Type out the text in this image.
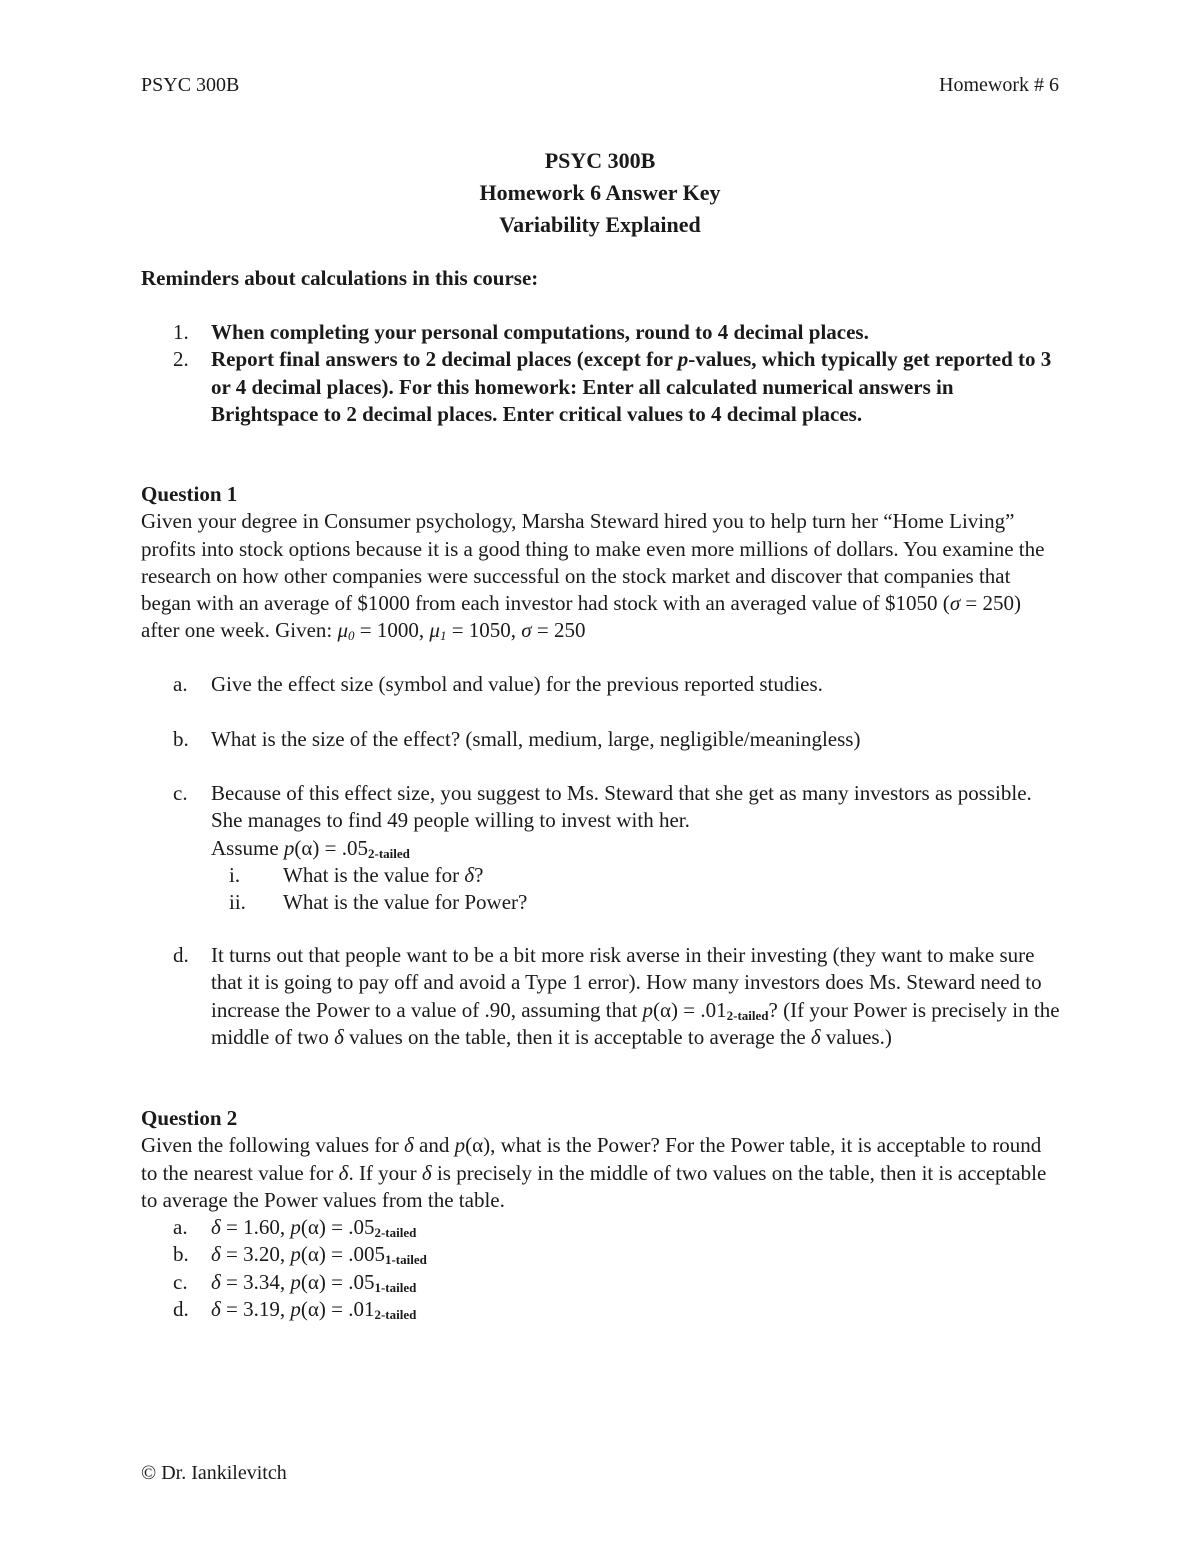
PSYC 300B	Homework # 6
PSYC 300B
Homework 6 Answer Key
Variability Explained
Reminders about calculations in this course:
1. When completing your personal computations, round to 4 decimal places.
2. Report final answers to 2 decimal places (except for p-values, which typically get reported to 3 or 4 decimal places). For this homework: Enter all calculated numerical answers in Brightspace to 2 decimal places. Enter critical values to 4 decimal places.
Question 1
Given your degree in Consumer psychology, Marsha Steward hired you to help turn her “Home Living” profits into stock options because it is a good thing to make even more millions of dollars. You examine the research on how other companies were successful on the stock market and discover that companies that began with an average of $1000 from each investor had stock with an averaged value of $1050 (σ = 250) after one week. Given: $\mu_0 = 1000$, $\mu_1 = 1050$, σ = 250
a. Give the effect size (symbol and value) for the previous reported studies.
b. What is the size of the effect? (small, medium, large, negligible/meaningless)
c. Because of this effect size, you suggest to Ms. Steward that she get as many investors as possible. She manages to find 49 people willing to invest with her.
Assume $p(\alpha) = .05_{2-tailed}$
i. What is the value for δ?
ii. What is the value for Power?
d. It turns out that people want to be a bit more risk averse in their investing (they want to make sure that it is going to pay off and avoid a Type 1 error). How many investors does Ms. Steward need to increase the Power to a value of .90, assuming that $p(\alpha) = .01_{2-tailed}$? (If your Power is precisely in the middle of two δ values on the table, then it is acceptable to average the δ values.)
Question 2
Given the following values for δ and p(α), what is the Power? For the Power table, it is acceptable to round to the nearest value for δ. If your δ is precisely in the middle of two values on the table, then it is acceptable to average the Power values from the table.
a. δ = 1.60, $p(\alpha) = .05_{2-tailed}$
b. δ = 3.20, $p(\alpha) = .005_{1-tailed}$
c. δ = 3.34, $p(\alpha) = .05_{1-tailed}$
d. δ = 3.19, $p(\alpha) = .01_{2-tailed}$
© Dr. Iankilevitch
